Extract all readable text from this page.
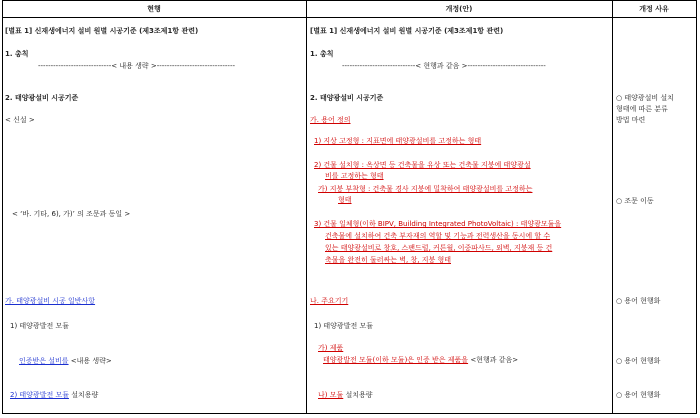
현행	개정(안)	개정 사유
[별표 1] 신재생에너지 설비 원별 시공기준 (제3조제1항 관련)
1. 총칙
-----------------------------< 내용 생략 >-------------------------------
2. 태양광설비 시공기준
< 신설 >
< ‘바. 기타, 6), 가)’ 의 조문과 동일 >
가. 태양광설비 시공 일반사항
1) 태양광발전 모듈
인증받은 설비를 <내용 생략>
2) 태양광발전 모듈 설치용량
[별표 1] 신재생에너지 설비 원별 시공기준 (제3조제1항 관련)
1. 총칙
-----------------------------< 현행과 같음 >-------------------------------
2. 태양광설비 시공기준
가. 용어 정의
1) 지상 고정형 : 지표면에 태양광설비를 고정하는 형태
2) 건물 설치형 : 옥상면 등 건축물을 유상 또는 건축물 지붕에 태양광설
비를 고정하는 형태
가) 지붕 부착형 : 건축물 경사 지붕에 밀착하여 태양광설비를 고정하는
형태
3) 건물 일체형(이하 BIPV, Building Integrated PhotoVoltaic) : 태양광모듈을
건축물에 설치하여 건축 부자재의 역할 및 기능과 전력생산을 동시에 할 수
있는 태양광설비로 창호, 스팬드럴, 커튼월, 이중파사드, 외벽, 지붕재 등 건
축물을 완전히 둘러싸는 벽, 창, 지붕 형태
나. 주요기기
1) 태양광발전 모듈
가) 제품
태양광발전 모듈(이하 모듈)은 인증 받은 제품을 <현행과 같음>
나) 모듈 설치용량
○ 태양광설비 설치
형태에 따른 분류
방법 마련
○ 조문 이동
○ 용어 현행화
○ 용어 현행화
○ 용어 현행화
